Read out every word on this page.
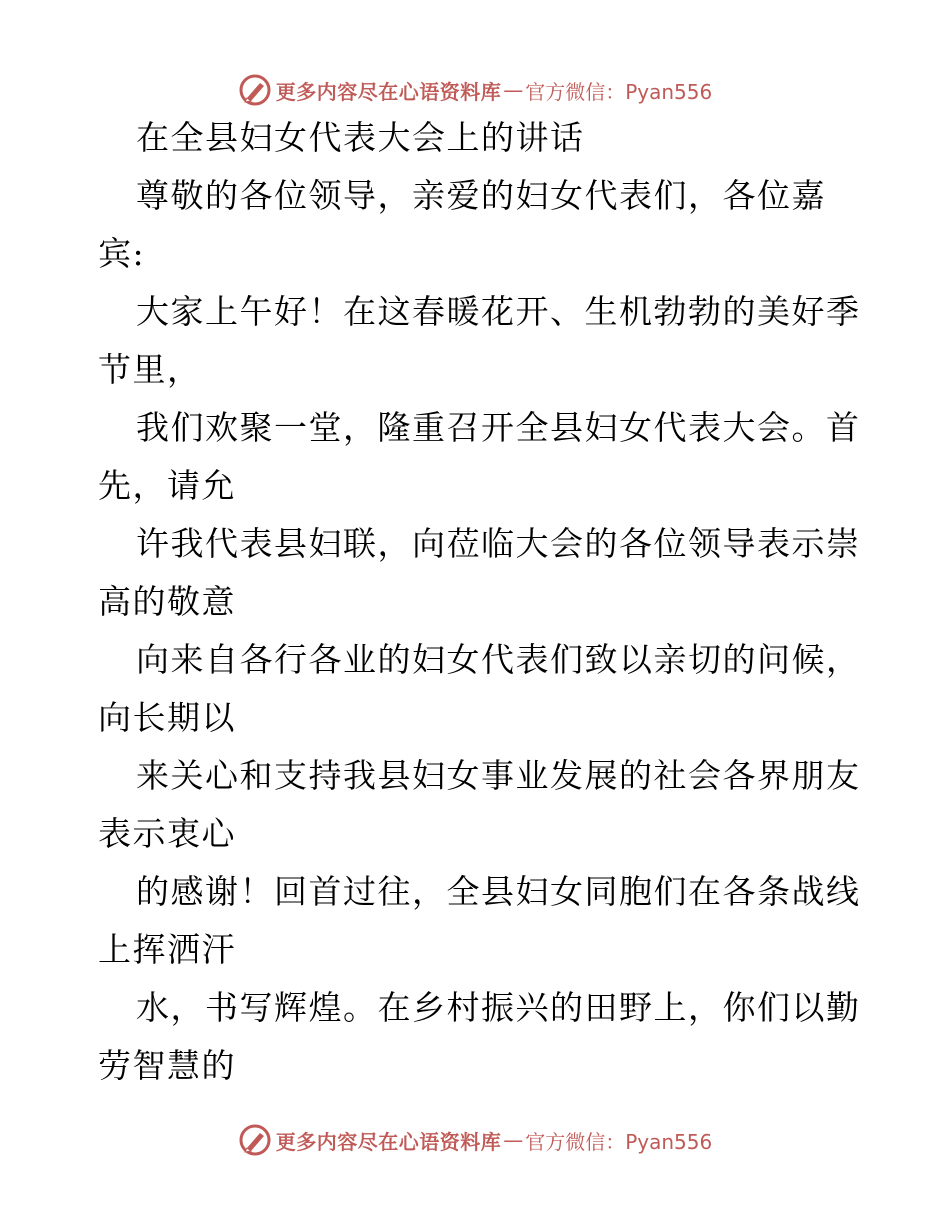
更多内容尽在心语资料库 — 官方微信：Pyan556
在全县妇女代表大会上的讲话
尊敬的各位领导，亲爱的妇女代表们，各位嘉
宾:
大家上午好！在这春暖花开、生机勃勃的美好季
节里，
我们欢聚一堂，隆重召开全县妇女代表大会。首
先，请允
许我代表县妇联，向莅临大会的各位领导表示崇
高的敬意
向来自各行各业的妇女代表们致以亲切的问候，
向长期以
来关心和支持我县妇女事业发展的社会各界朋友
表示衷心
的感谢！回首过往，全县妇女同胞们在各条战线
上挥洒汗
水，书写辉煌。在乡村振兴的田野上，你们以勤
劳智慧的
更多内容尽在心语资料库 — 官方微信：Pyan556
